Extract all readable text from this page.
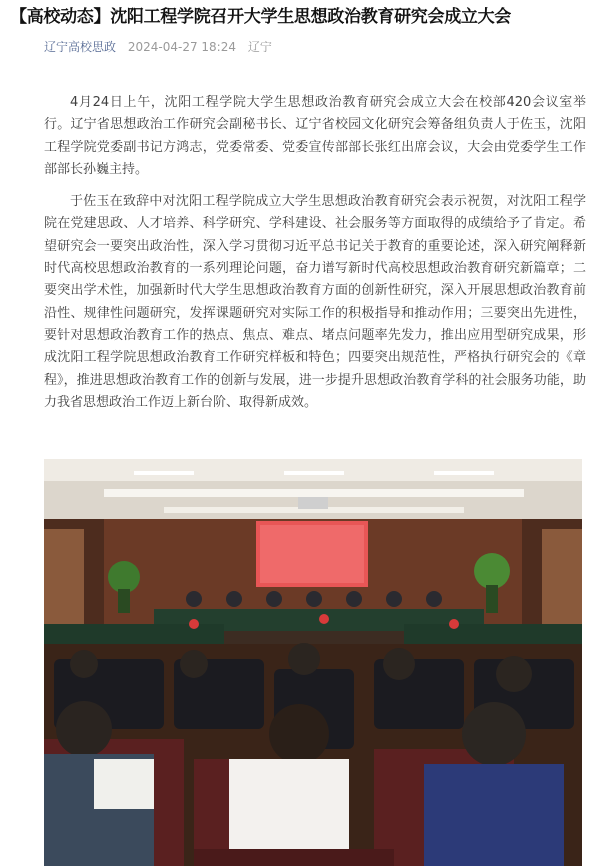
【高校动态】沈阳工程学院召开大学生思想政治教育研究会成立大会
辽宁高校思政 2024-04-27 18:24 辽宁

4月24日上午，沈阳工程学院大学生思想政治教育研究会成立大会在校部420会议室举行。辽宁省思想政治工作研究会副秘书长、辽宁省校园文化研究会筹备组负责人于佐玉，沈阳工程学院党委副书记方鸿志，党委常委、党委宣传部部长张红出席会议，大会由党委学生工作部部长孙巍主持。

于佐玉在致辞中对沈阳工程学院成立大学生思想政治教育研究会表示祝贺，对沈阳工程学院在党建思政、人才培养、科学研究、学科建设、社会服务等方面取得的成绩给予了肯定。希望研究会一要突出政治性，深入学习贯彻习近平总书记关于教育的重要论述，深入研究阐释新时代高校思想政治教育的一系列理论问题，奋力谱写新时代高校思想政治教育研究新篇章；二要突出学术性，加强新时代大学生思想政治教育方面的创新性研究，深入开展思想政治教育前沿性、规律性问题研究，发挥课题研究对实际工作的积极指导和推动作用；三要突出先进性，要针对思想政治教育工作的热点、焦点、难点、堵点问题率先发力，推出应用型研究成果，形成沈阳工程学院思想政治教育工作研究样板和特色；四要突出规范性，严格执行研究会的《章程》，推进思想政治教育工作的创新与发展，进一步提升思想政治教育学科的社会服务功能，助力我省思想政治工作迈上新台阶、取得新成效。
